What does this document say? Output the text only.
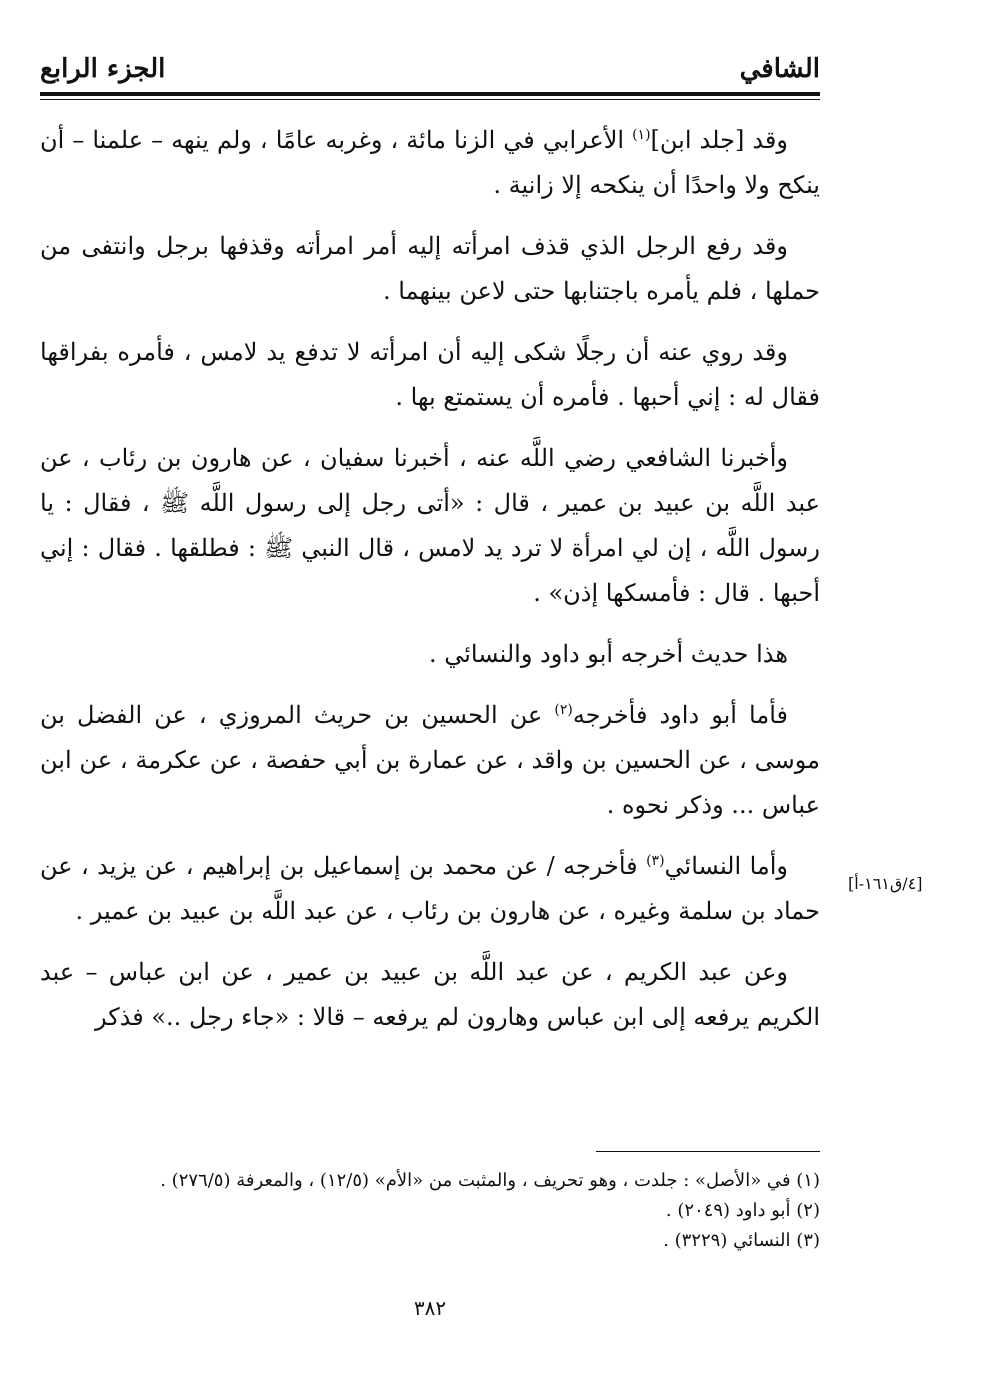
الشافي
الجزء الرابع

وقد [جلد ابن]$^{(١)}$ الأعرابي في الزنا مائة ، وغربه عامًا ، ولم ينهه – علمنا – أن ينكح ولا واحدًا أن ينكحه إلا زانية .

وقد رفع الرجل الذي قذف امرأته إليه أمر امرأته وقذفها برجل وانتفى من حملها ، فلم يأمره باجتنابها حتى لاعن بينهما .

وقد روي عنه أن رجلًا شكى إليه أن امرأته لا تدفع يد لامس ، فأمره بفراقها فقال له : إني أحبها . فأمره أن يستمتع بها .

وأخبرنا الشافعي رضي اللَّه عنه ، أخبرنا سفيان ، عن هارون بن رئاب ، عن عبد اللَّه بن عبيد بن عمير ، قال : «أتى رجل إلى رسول اللَّه ﷺ ، فقال : يا رسول اللَّه ، إن لي امرأة لا ترد يد لامس ، قال النبي ﷺ : فطلقها . فقال : إني أحبها . قال : فأمسكها إذن» .

هذا حديث أخرجه أبو داود والنسائي .

فأما أبو داود فأخرجه$^{(٢)}$ عن الحسين بن حريث المروزي ، عن الفضل بن موسى ، عن الحسين بن واقد ، عن عمارة بن أبي حفصة ، عن عكرمة ، عن ابن عباس ... وذكر نحوه .

وأما النسائي$^{(٣)}$ فأخرجه / عن محمد بن إسماعيل بن إبراهيم ، عن يزيد ، عن حماد بن سلمة وغيره ، عن هارون بن رئاب ، عن عبد اللَّه بن عبيد بن عمير .

وعن عبد الكريم ، عن عبد اللَّه بن عبيد بن عمير ، عن ابن عباس – عبد الكريم يرفعه إلى ابن عباس وهارون لم يرفعه – قالا : «جاء رجل ..» فذكر

[٤/ق١٦١-أ]

(١) في «الأصل» : جلدت ، وهو تحريف ، والمثبت من «الأم» (١٢/٥) ، والمعرفة (٢٧٦/٥) .

(٢) أبو داود (٢٠٤٩) .

(٣) النسائي (٣٢٢٩) .

٣٨٢
